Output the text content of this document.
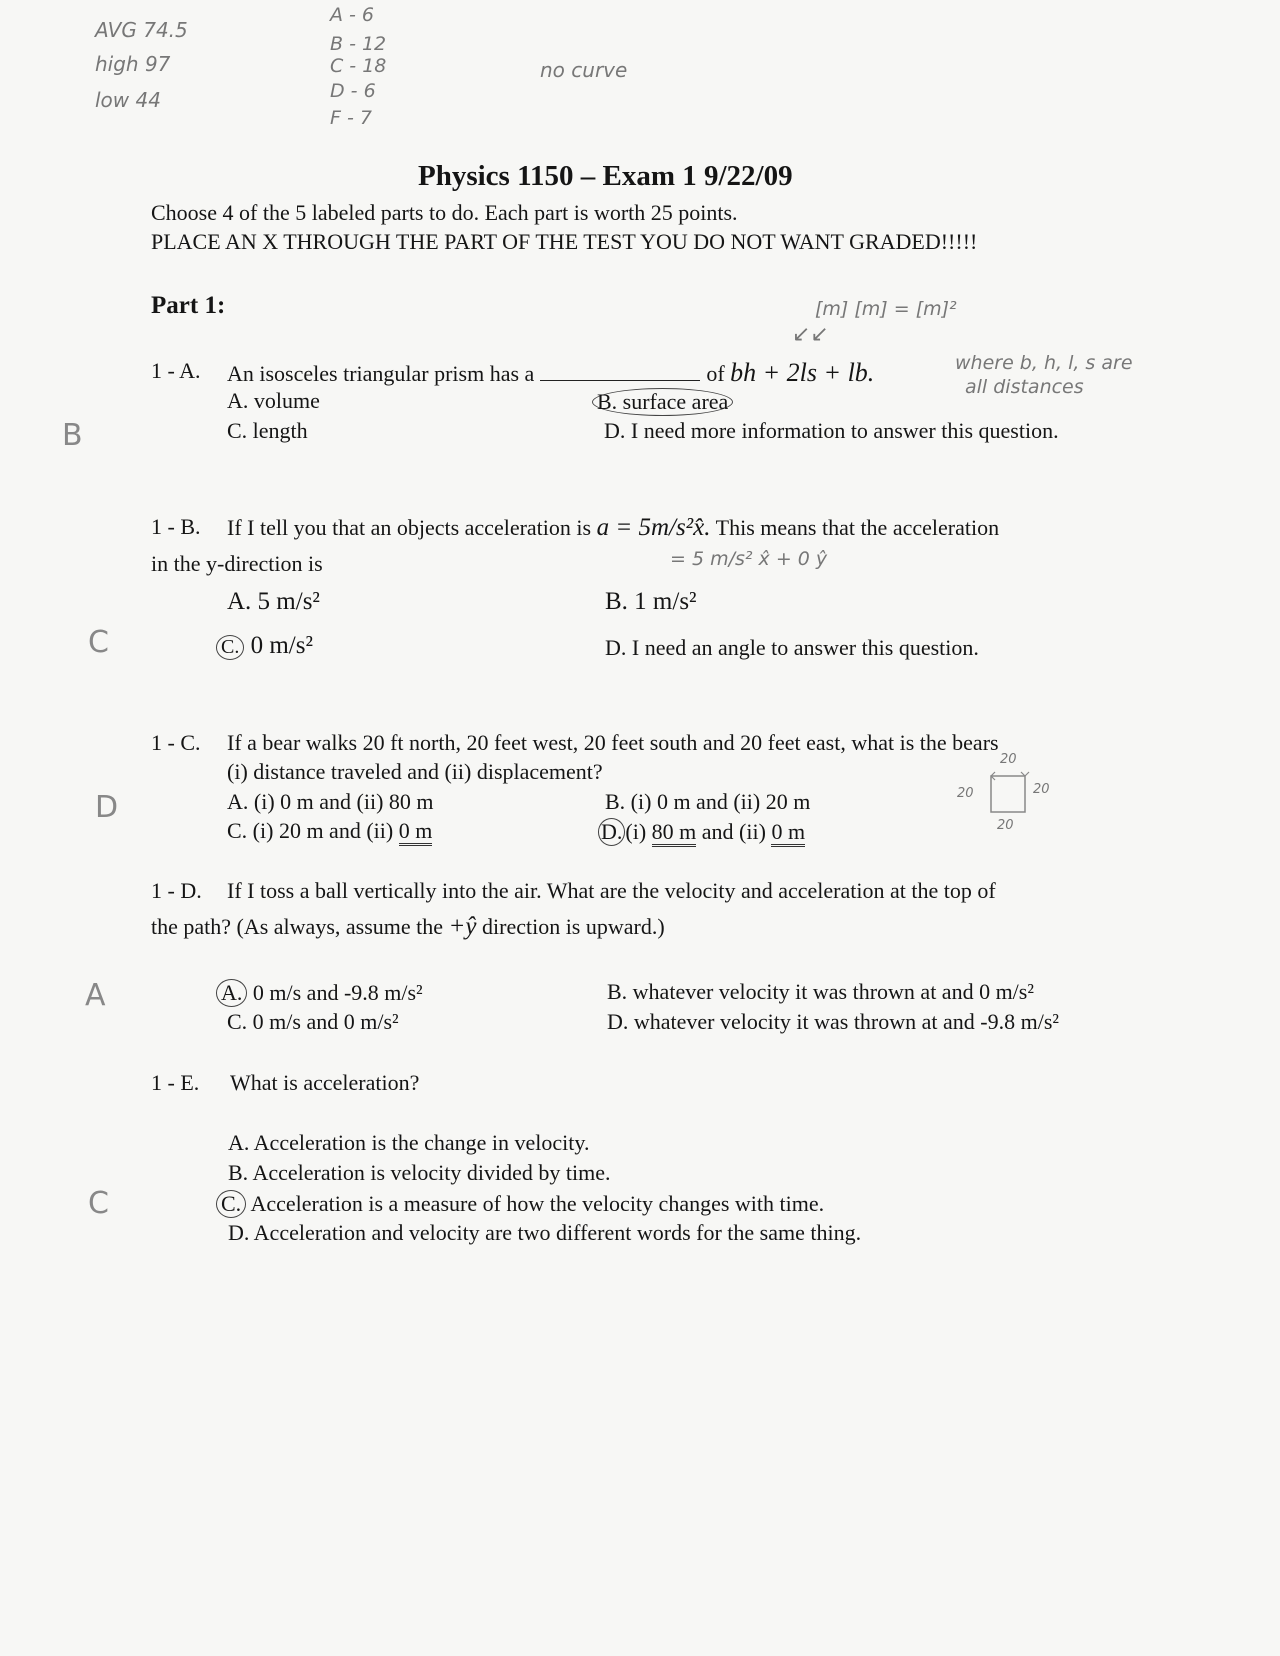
AVG 74.5
high 97
low 44
A - 6
B - 12
C - 18
D - 6
F - 7
no curve
Physics 1150 – Exam 1 9/22/09
Choose 4 of the 5 labeled parts to do. Each part is worth 25 points.
PLACE AN X THROUGH THE PART OF THE TEST YOU DO NOT WANT GRADED!!!!!
Part 1:	[m] [m] = [m]²
↙↙
1 - A. An isosceles triangular prism has a	of bh + 2ls + lb.	where b, h, l, s are
all distances
A. volume	B. surface area
C. length	D. I need more information to answer this question.
B
1 - B. If I tell you that an objects acceleration is a = 5m/s²x̂. This means that the acceleration
in the y-direction is	= 5 m/s² x̂ + 0 ŷ
A. 5 m/s²	B. 1 m/s²
C. 0 m/s²	D. I need an angle to answer this question.
C
1 - C. If a bear walks 20 ft north, 20 feet west, 20 feet south and 20 feet east, what is the bears
(i) distance traveled and (ii) displacement?
A. (i) 0 m and (ii) 80 m	B. (i) 0 m and (ii) 20 m
C. (i) 20 m and (ii) 0 m	D. (i) 80 m and (ii) 0 m
20
20	20
20
D
1 - D. If I toss a ball vertically into the air. What are the velocity and acceleration at the top of
the path? (As always, assume the +ŷ direction is upward.)
A. 0 m/s and -9.8 m/s²	B. whatever velocity it was thrown at and 0 m/s²
C. 0 m/s and 0 m/s²	D. whatever velocity it was thrown at and -9.8 m/s²
A
1 - E. What is acceleration?
A. Acceleration is the change in velocity.
B. Acceleration is velocity divided by time.
C. Acceleration is a measure of how the velocity changes with time.
D. Acceleration and velocity are two different words for the same thing.
C
